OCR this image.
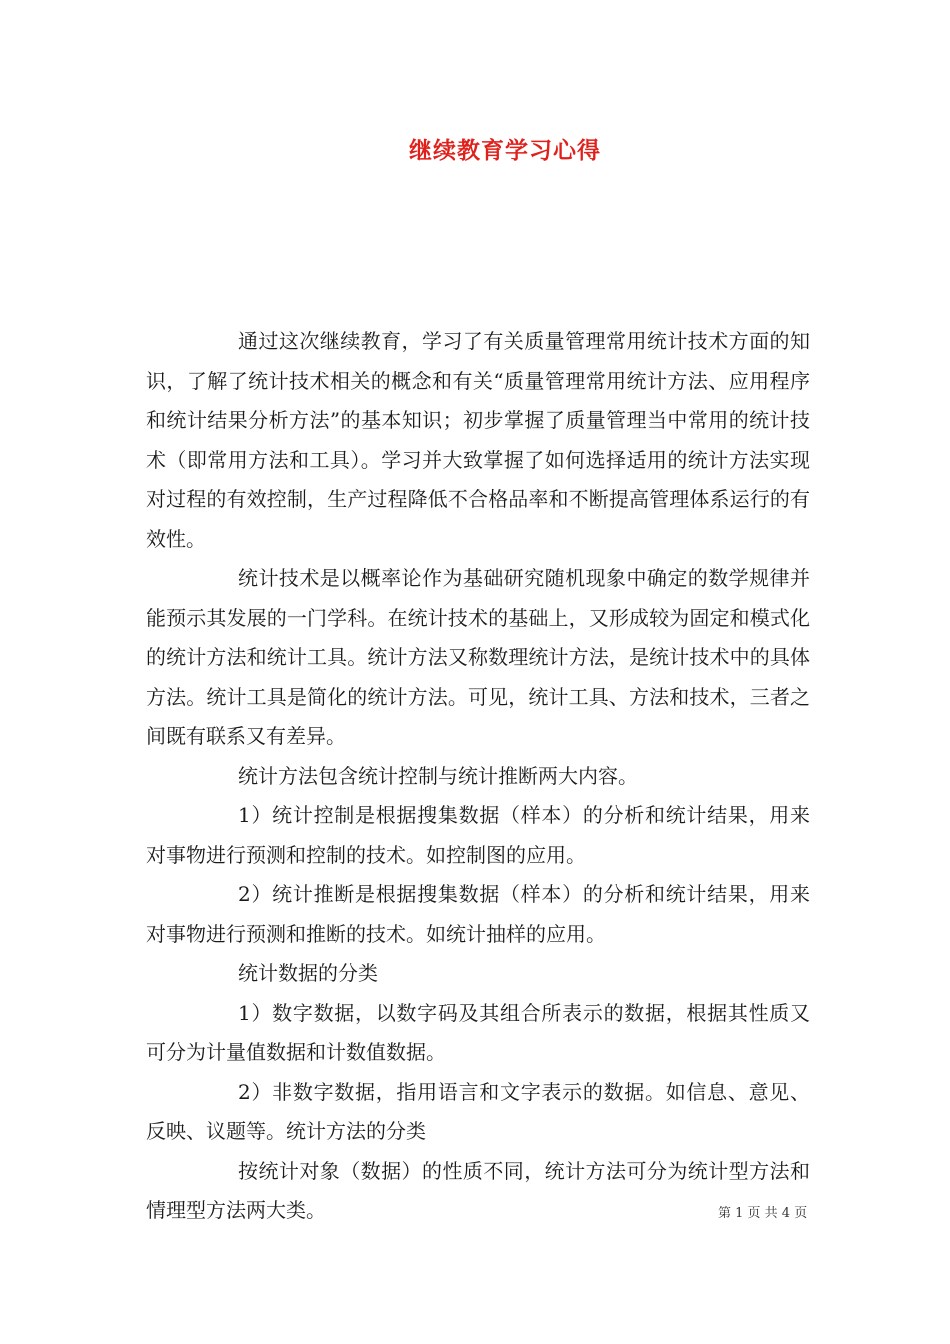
继续教育学习心得

通过这次继续教育，学习了有关质量管理常用统计技术方面的知识，了解了统计技术相关的概念和有关“质量管理常用统计方法、应用程序和统计结果分析方法”的基本知识；初步掌握了质量管理当中常用的统计技术（即常用方法和工具）。学习并大致掌握了如何选择适用的统计方法实现对过程的有效控制，生产过程降低不合格品率和不断提高管理体系运行的有效性。

统计技术是以概率论作为基础研究随机现象中确定的数学规律并能预示其发展的一门学科。在统计技术的基础上，又形成较为固定和模式化的统计方法和统计工具。统计方法又称数理统计方法，是统计技术中的具体方法。统计工具是简化的统计方法。可见，统计工具、方法和技术，三者之间既有联系又有差异。

统计方法包含统计控制与统计推断两大内容。

1）统计控制是根据搜集数据（样本）的分析和统计结果，用来对事物进行预测和控制的技术。如控制图的应用。

2）统计推断是根据搜集数据（样本）的分析和统计结果，用来对事物进行预测和推断的技术。如统计抽样的应用。

统计数据的分类

1）数字数据，以数字码及其组合所表示的数据，根据其性质又可分为计量值数据和计数值数据。

2）非数字数据，指用语言和文字表示的数据。如信息、意见、反映、议题等。统计方法的分类

按统计对象（数据）的性质不同，统计方法可分为统计型方法和情理型方法两大类。	第 1 页 共 4 页
